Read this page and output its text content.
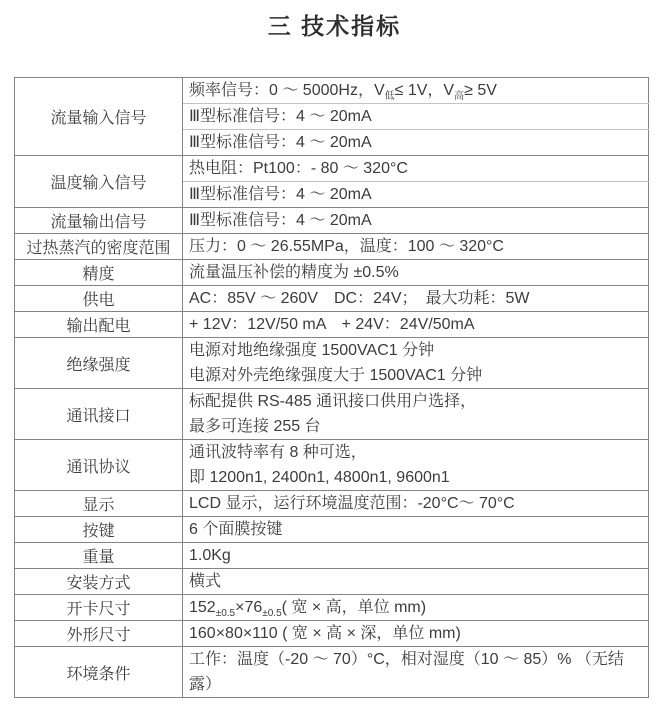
三 技术指标
流量输入信号	频率信号：0 ～ 5000Hz，$V_低\le 1V$，$V_高\ge 5V$

	Ⅲ型标准信号：4 ～ 20mA

	Ⅲ型标准信号：4 ～ 20mA

温度输入信号	热电阻：Pt100：- 80 ～ 320°C

	Ⅲ型标准信号：4 ～ 20mA

流量输出信号	Ⅲ型标准信号：4 ～ 20mA

过热蒸汽的密度范围	压力：0 ～ 26.55MPa，温度：100 ～ 320°C

精度	流量温压补偿的精度为 ±0.5%

供电	AC：85V ～ 260V　DC：24V；　最大功耗：5W

输出配电	+ 12V：12V/50 mA　+ 24V：24V/50mA

绝缘强度	电源对地绝缘强度 1500VAC1 分钟
电源对外壳绝缘强度大于 1500VAC1 分钟

通讯接口	标配提供 RS-485 通讯接口供用户选择，
最多可连接 255 台

通讯协议	通讯波特率有 8 种可选，
即 1200n1, 2400n1, 4800n1, 9600n1

显示	LCD 显示，运行环境温度范围：-20°C～ 70°C

按键	6 个面膜按键

重量	1.0Kg

安装方式	横式

开卡尺寸	$152_{\pm 0.5}\times 76_{\pm 0.5}$( 宽 × 高，单位 mm)

外形尺寸	160×80×110 ( 宽 × 高 × 深，单位 mm)

环境条件	工作：温度（-20 ～ 70）°C，相对湿度（10 ～ 85）% （无结露）
